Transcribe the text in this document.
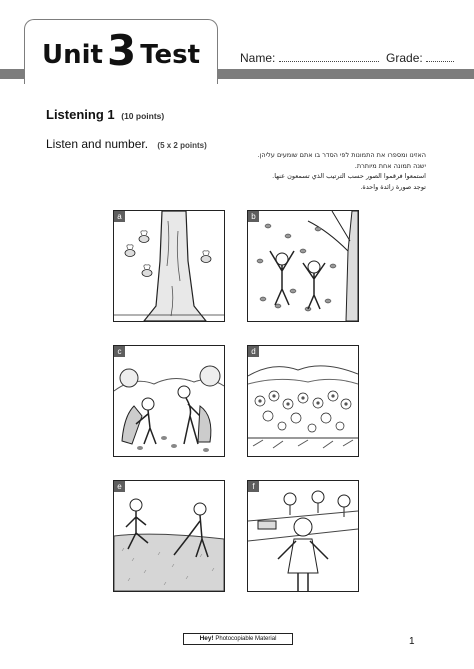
Unit3 Test	Name:	Grade:
Listening 1 (10 points)
Listen and number. (5 x 2 points)
האזינו ומספרו את התמונות לפי הסדר בו אתם שומעים עליהן.
ישנה תמונה אחת מיותרת.
استمعوا فرقموا الصور حسب الترتيب الذي تسمعون عنها.
توجد صورة زائدة واحدة.
a	b
c	d
e	f
Hey! Photocopiable Material	1
